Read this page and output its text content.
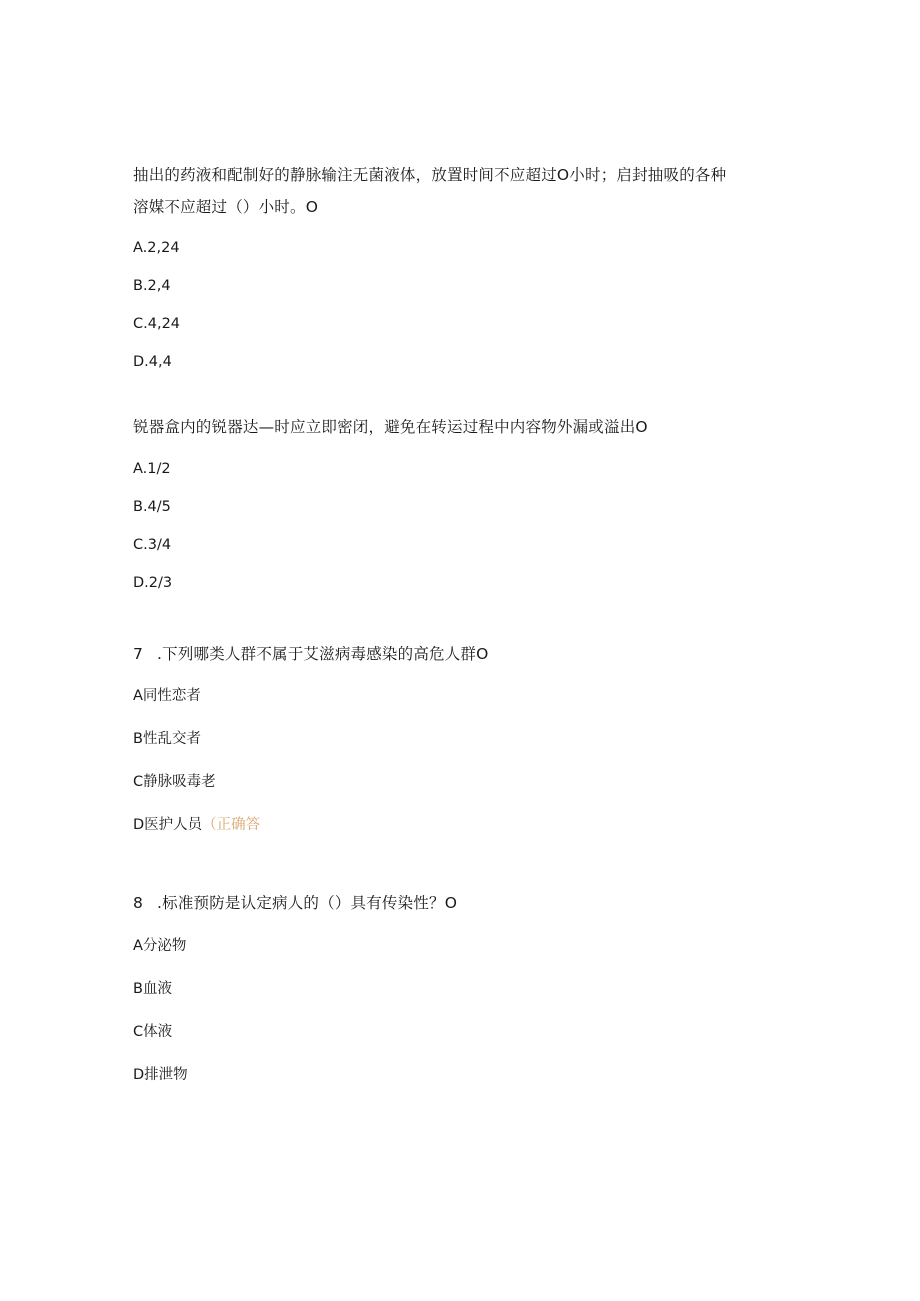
抽出的药液和配制好的静脉输注无菌液体，放置时间不应超过O小时；启封抽吸的各种
溶媒不应超过（）小时。O
A.2,24
B.2,4
C.4,24
D.4,4
锐器盒内的锐器达—时应立即密闭，避免在转运过程中内容物外漏或溢出O
A.1/2
B.4/5
C.3/4
D.2/3
7 .下列哪类人群不属于艾滋病毒感染的高危人群O
A同性恋者
B性乱交者
C静脉吸毒老
D医护人员（正确答
8 .标准预防是认定病人的（）具有传染性？O
A分泌物
B血液
C体液
D排泄物
